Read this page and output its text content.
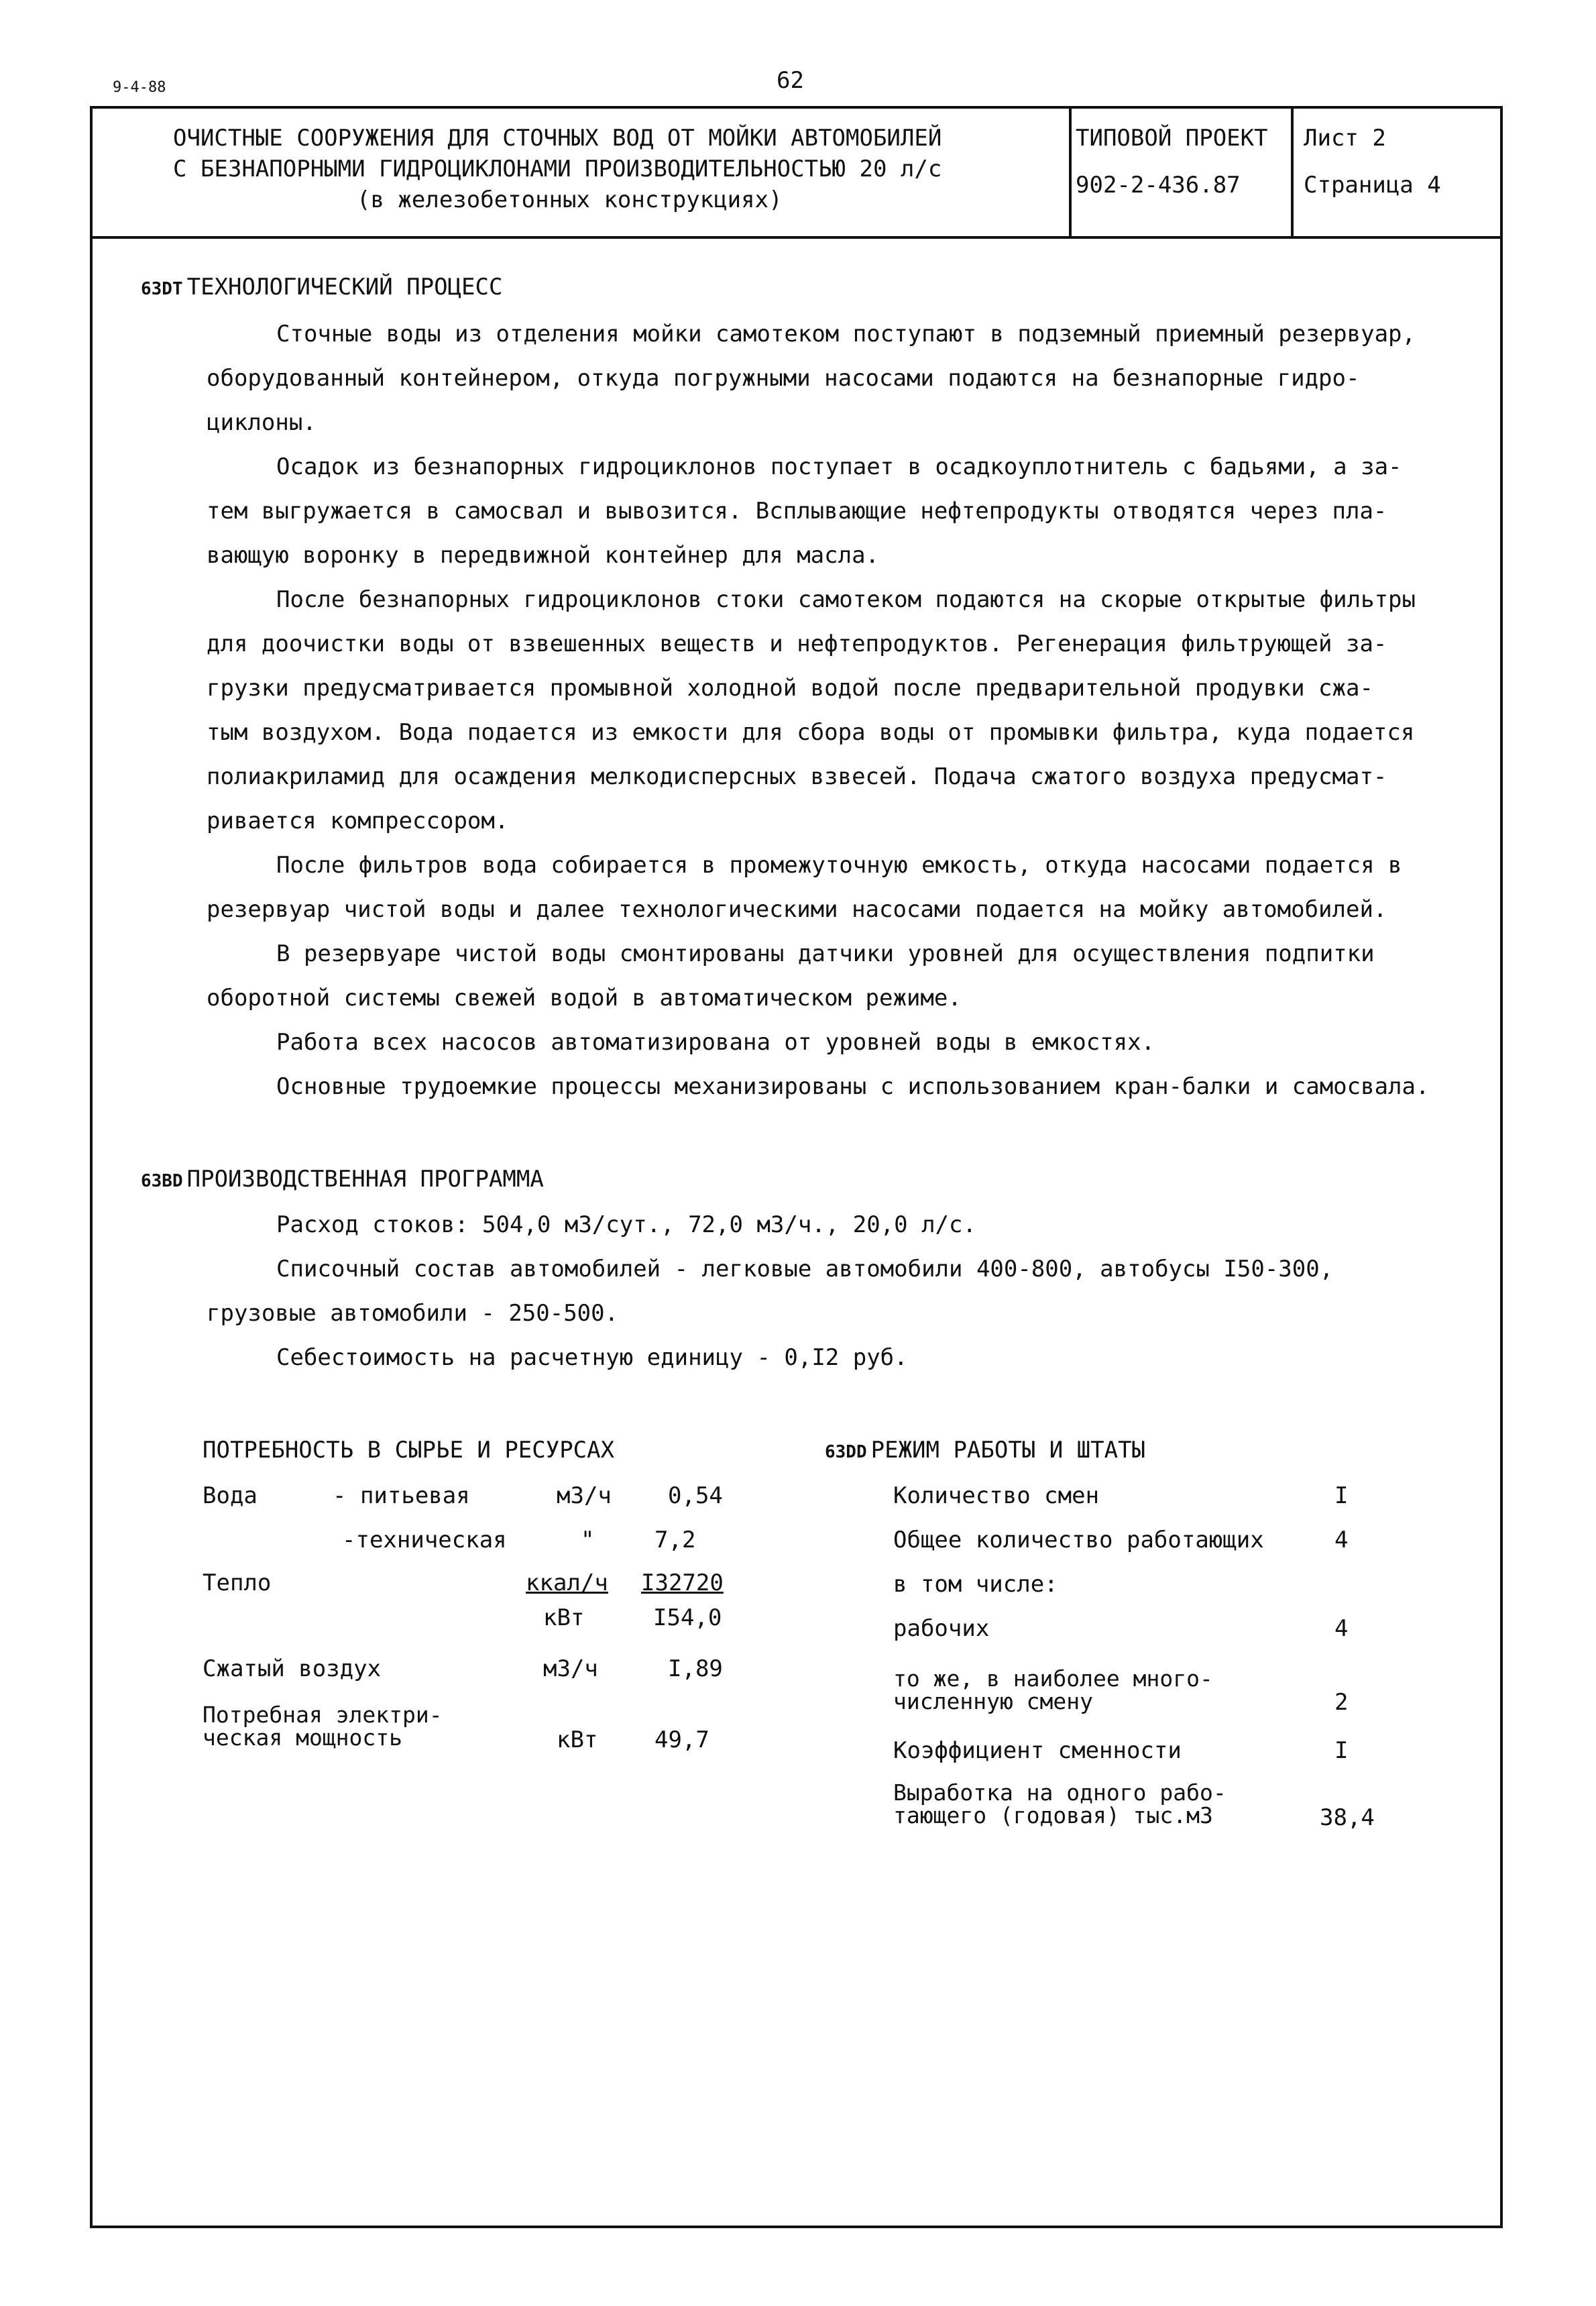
9-4-88	62
ОЧИСТНЫЕ СООРУЖЕНИЯ ДЛЯ СТОЧНЫХ ВОД ОТ МОЙКИ АВТОМОБИЛЕЙ
С БЕЗНАПОРНЫМИ ГИДРОЦИКЛОНАМИ ПРОИЗВОДИТЕЛЬНОСТЬЮ 20 л/с
(в железобетонных конструкциях)
ТИПОВОЙ ПРОЕКТ
902-2-436.87
Лист 2
Страница 4
63DT ТЕХНОЛОГИЧЕСКИЙ ПРОЦЕСС
Сточные воды из отделения мойки самотеком поступают в подземный приемный резервуар,
оборудованный контейнером, откуда погружными насосами подаются на безнапорные гидро-
циклоны.
Осадок из безнапорных гидроциклонов поступает в осадкоуплотнитель с бадьями, а за-
тем выгружается в самосвал и вывозится. Всплывающие нефтепродукты отводятся через пла-
вающую воронку в передвижной контейнер для масла.
После безнапорных гидроциклонов стоки самотеком подаются на скорые открытые фильтры
для доочистки воды от взвешенных веществ и нефтепродуктов. Регенерация фильтрующей за-
грузки предусматривается промывной холодной водой после предварительной продувки сжа-
тым воздухом. Вода подается из емкости для сбора воды от промывки фильтра, куда подается
полиакриламид для осаждения мелкодисперсных взвесей. Подача сжатого воздуха предусмат-
ривается компрессором.
После фильтров вода собирается в промежуточную емкость, откуда насосами подается в
резервуар чистой воды и далее технологическими насосами подается на мойку автомобилей.
В резервуаре чистой воды смонтированы датчики уровней для осуществления подпитки
оборотной системы свежей водой в автоматическом режиме.
Работа всех насосов автоматизирована от уровней воды в емкостях.
Основные трудоемкие процессы механизированы с использованием кран-балки и самосвала.
63BD ПРОИЗВОДСТВЕННАЯ ПРОГРАММА
Расход стоков: 504,0 м3/сут., 72,0 м3/ч., 20,0 л/с.
Списочный состав автомобилей - легковые автомобили 400-800, автобусы I50-300,
грузовые автомобили - 250-500.
Себестоимость на расчетную единицу - 0,I2 руб.
ПОТРЕБНОСТЬ В СЫРЬЕ И РЕСУРСАХ
Вода	- питьевая	м3/ч 0,54
-техническая	"	7,2
Тепло	ккал/ч I32720
кВт	I54,0
Сжатый воздух	м3/ч	I,89
Потребная электри-
ческая мощность	кВт 49,7
63DD РЕЖИМ РАБОТЫ И ШТАТЫ
Количество смен	I
Общее количество работающих	4
в том числе:
рабочих	4
то же, в наиболее много-
численную смену	2
Коэффициент сменности	I
Выработка на одного рабо-
тающего (годовая) тыс.м3	38,4
